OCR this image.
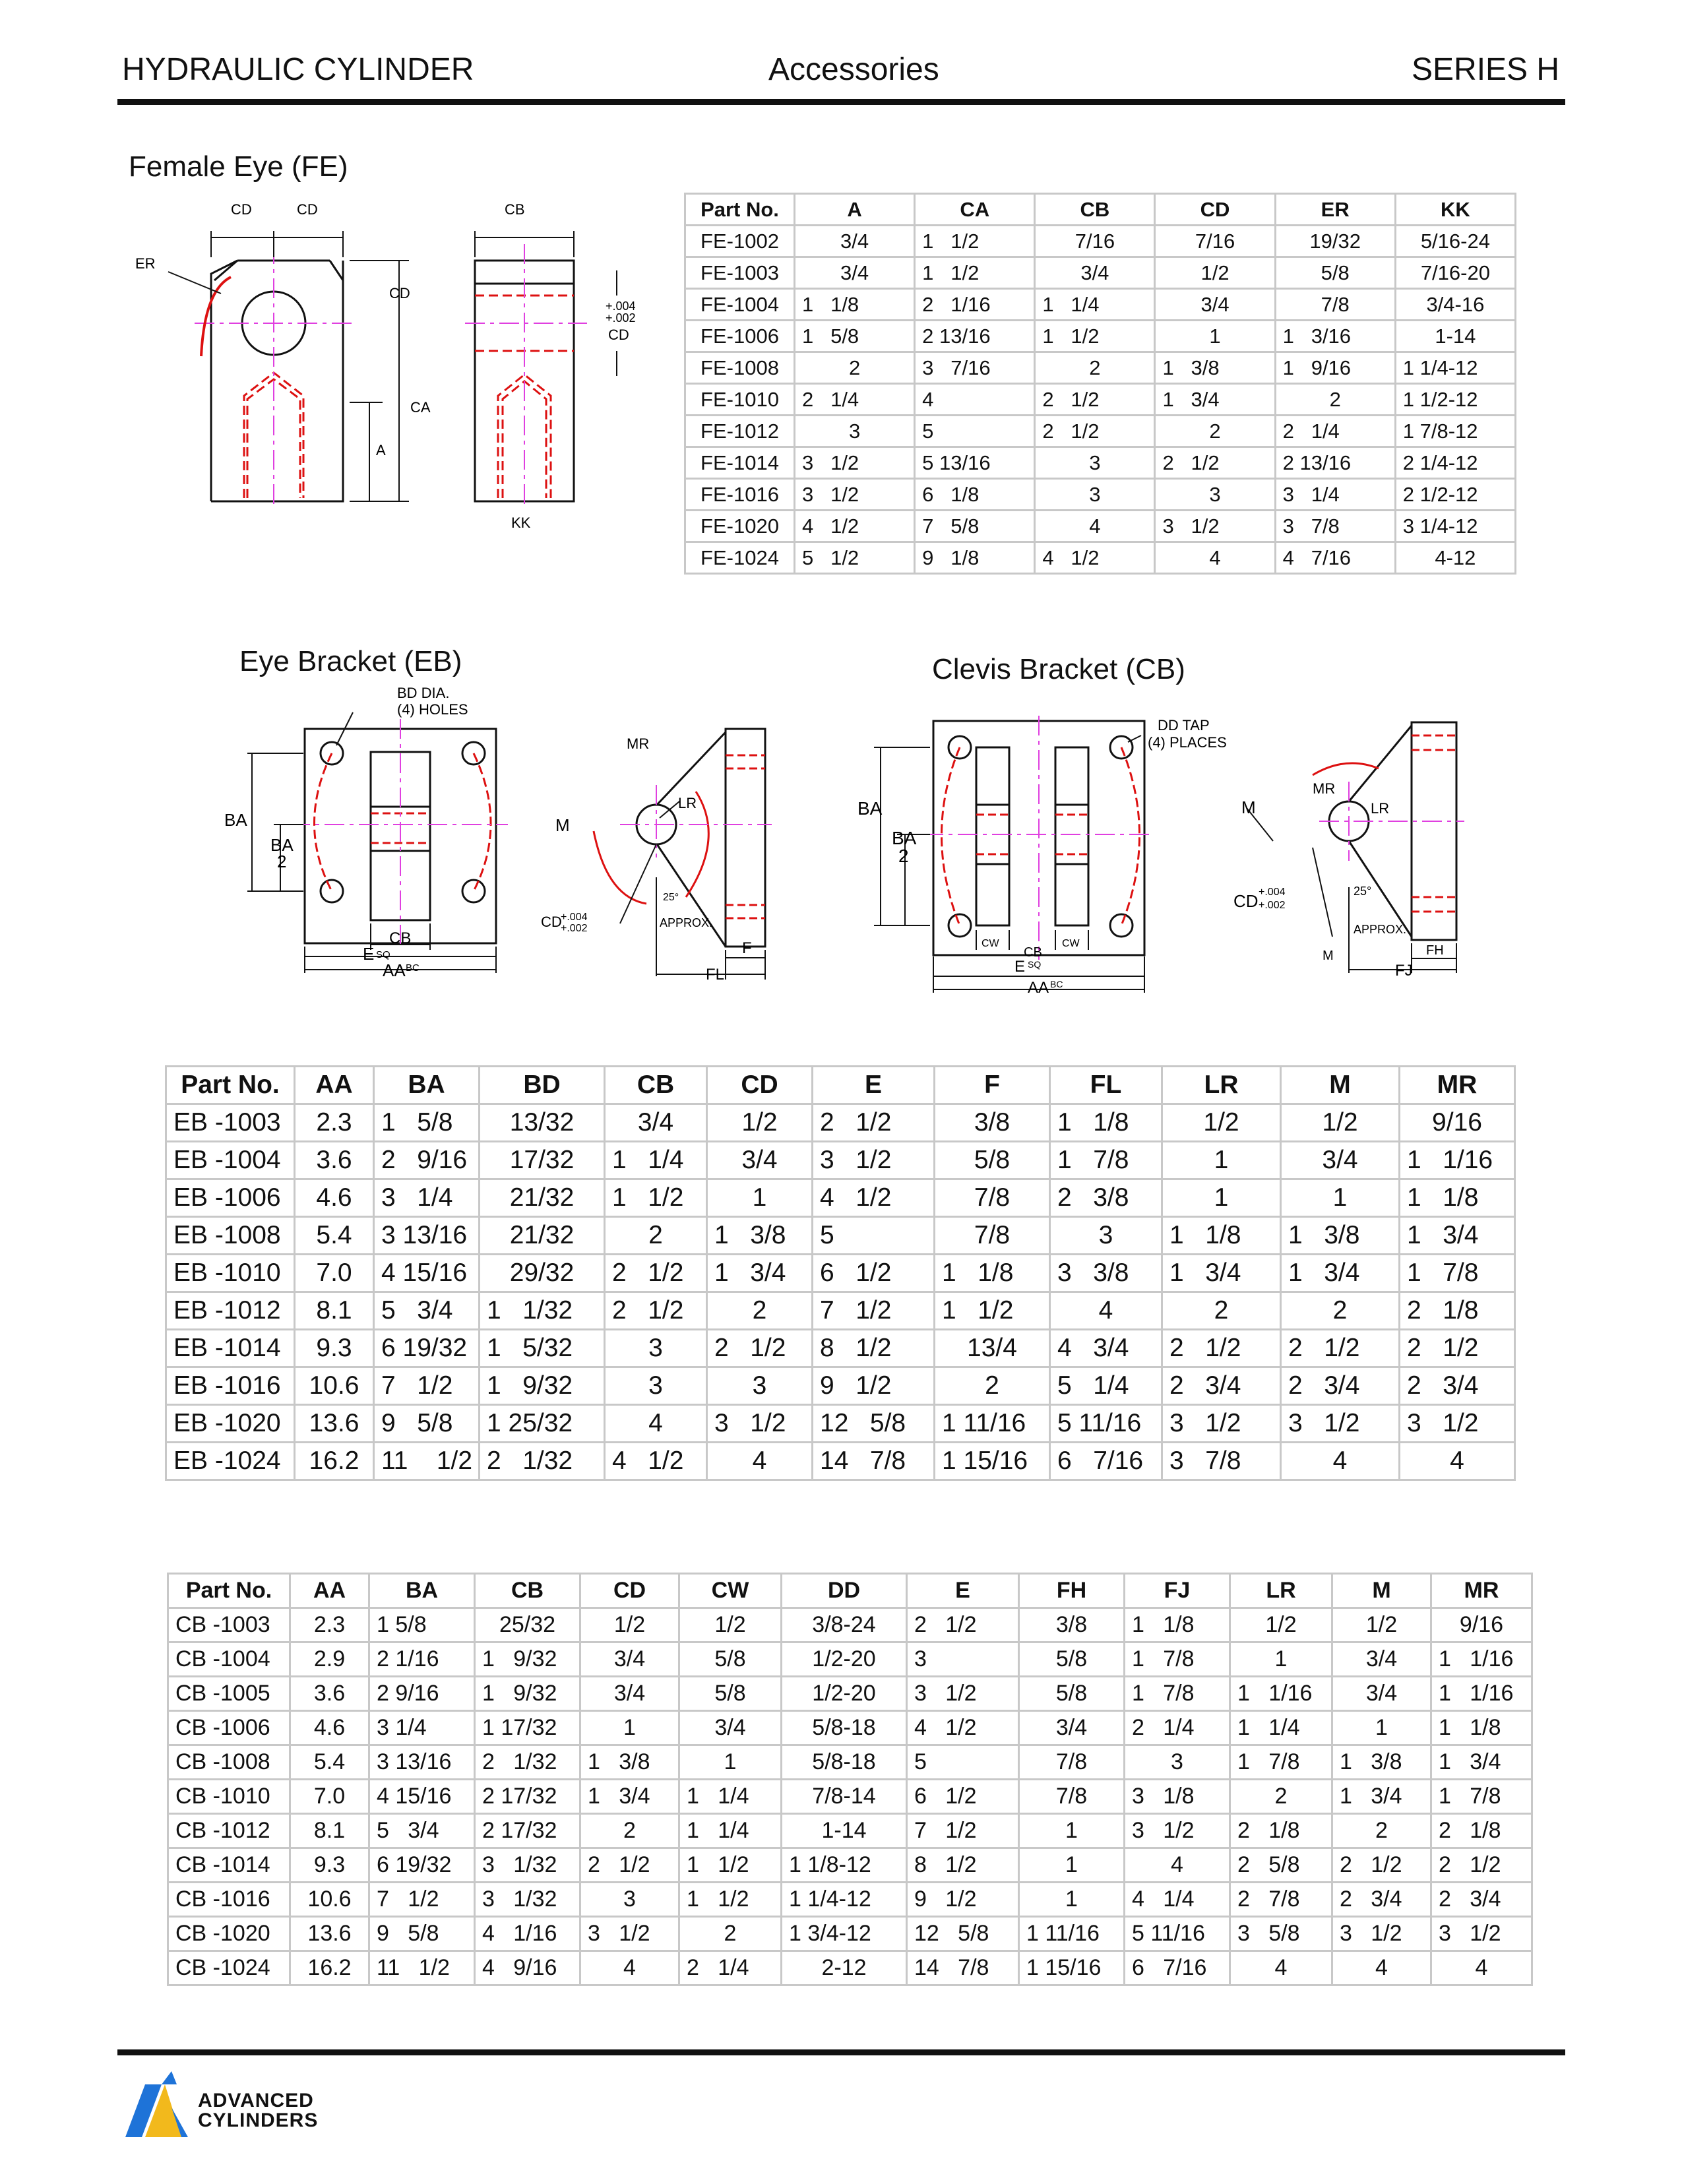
HYDRAULIC CYLINDER	Accessories	SERIES H
Female Eye (FE)
CD	CD	CB
ER
CD
CA
A
+.004
+.002
CD
KK
Part No.	A	CA	CB	CD	ER	KK
FE-1002	3/4	1   1/2	7/16	7/16	19/32	5/16-24
FE-1003	3/4	1   1/2	3/4	1/2	5/8	7/16-20
FE-1004	1   1/8	2   1/16	1   1/4	3/4	7/8	3/4-16
FE-1006	1   5/8	2 13/16	1   1/2	1	1   3/16	1-14
FE-1008	2	3   7/16	2	1   3/8	1   9/16	1 1/4-12
FE-1010	2   1/4	4	2   1/2	1   3/4	2	1 1/2-12
FE-1012	3	5	2   1/2	2	2   1/4	1 7/8-12
FE-1014	3   1/2	5 13/16	3	2   1/2	2 13/16	2 1/4-12
FE-1016	3   1/2	6   1/8	3	3	3   1/4	2 1/2-12
FE-1020	4   1/2	7   5/8	4	3   1/2	3   7/8	3 1/4-12
FE-1024	5   1/2	9   1/8	4   1/2	4	4   7/16	4-12
Eye Bracket (EB)
BD DIA.
(4) HOLES
BA
BA
2
CB
E SQ
AA BC
MR
M
LR
CD
+.004
+.002
25°
APPROX.
F
FL
Clevis Bracket (CB)
DD TAP
(4) PLACES
BA
BA
2
CW	CW
CB
E SQ
AA BC
MR
M	LR
CD +.004
+.002
25°
APPROX.
M	FH
FJ
Part No.	AA	BA	BD	CB	CD	E	F	FL	LR	M	MR
EB -1003	2.3	1   5/8	13/32	3/4	1/2	2   1/2	3/8	1   1/8	1/2	1/2	9/16
EB -1004	3.6	2   9/16	17/32	1   1/4	3/4	3   1/2	5/8	1   7/8	1	3/4	1   1/16
EB -1006	4.6	3   1/4	21/32	1   1/2	1	4   1/2	7/8	2   3/8	1	1	1   1/8
EB -1008	5.4	3 13/16	21/32	2	1   3/8	5	7/8	3	1   1/8	1   3/8	1   3/4
EB -1010	7.0	4 15/16	29/32	2   1/2	1   3/4	6   1/2	1   1/8	3   3/8	1   3/4	1   3/4	1   7/8
EB -1012	8.1	5   3/4	1   1/32	2   1/2	2	7   1/2	1   1/2	4	2	2	2   1/8
EB -1014	9.3	6 19/32	1   5/32	3	2   1/2	8   1/2	13/4	4   3/4	2   1/2	2   1/2	2   1/2
EB -1016	10.6	7   1/2	1   9/32	3	3	9   1/2	2	5   1/4	2   3/4	2   3/4	2   3/4
EB -1020	13.6	9   5/8	1 25/32	4	3   1/2	12   5/8	1 11/16	5 11/16	3   1/2	3   1/2	3   1/2
EB -1024	16.2	11    1/2	2   1/32	4   1/2	4	14   7/8	1 15/16	6   7/16	3   7/8	4	4
Part No.	AA	BA	CB	CD	CW	DD	E	FH	FJ	LR	M	MR
CB -1003	2.3	1 5/8	25/32	1/2	1/2	3/8-24	2   1/2	3/8	1   1/8	1/2	1/2	9/16
CB -1004	2.9	2 1/16	1   9/32	3/4	5/8	1/2-20	3	5/8	1   7/8	1	3/4	1   1/16
CB -1005	3.6	2 9/16	1   9/32	3/4	5/8	1/2-20	3   1/2	5/8	1   7/8	1   1/16	3/4	1   1/16
CB -1006	4.6	3 1/4	1 17/32	1	3/4	5/8-18	4   1/2	3/4	2   1/4	1   1/4	1	1   1/8
CB -1008	5.4	3 13/16	2   1/32	1   3/8	1	5/8-18	5	7/8	3	1   7/8	1   3/8	1   3/4
CB -1010	7.0	4 15/16	2 17/32	1   3/4	1   1/4	7/8-14	6   1/2	7/8	3   1/8	2	1   3/4	1   7/8
CB -1012	8.1	5   3/4	2 17/32	2	1   1/4	1-14	7   1/2	1	3   1/2	2   1/8	2	2   1/8
CB -1014	9.3	6 19/32	3   1/32	2   1/2	1   1/2	1 1/8-12	8   1/2	1	4	2   5/8	2   1/2	2   1/2
CB -1016	10.6	7   1/2	3   1/32	3	1   1/2	1 1/4-12	9   1/2	1	4   1/4	2   7/8	2   3/4	2   3/4
CB -1020	13.6	9   5/8	4   1/16	3   1/2	2	1 3/4-12	12   5/8	1 11/16	5 11/16	3   5/8	3   1/2	3   1/2
CB -1024	16.2	11   1/2	4   9/16	4	2   1/4	2-12	14   7/8	1 15/16	6   7/16	4	4	4
ADVANCED
CYLINDERS
